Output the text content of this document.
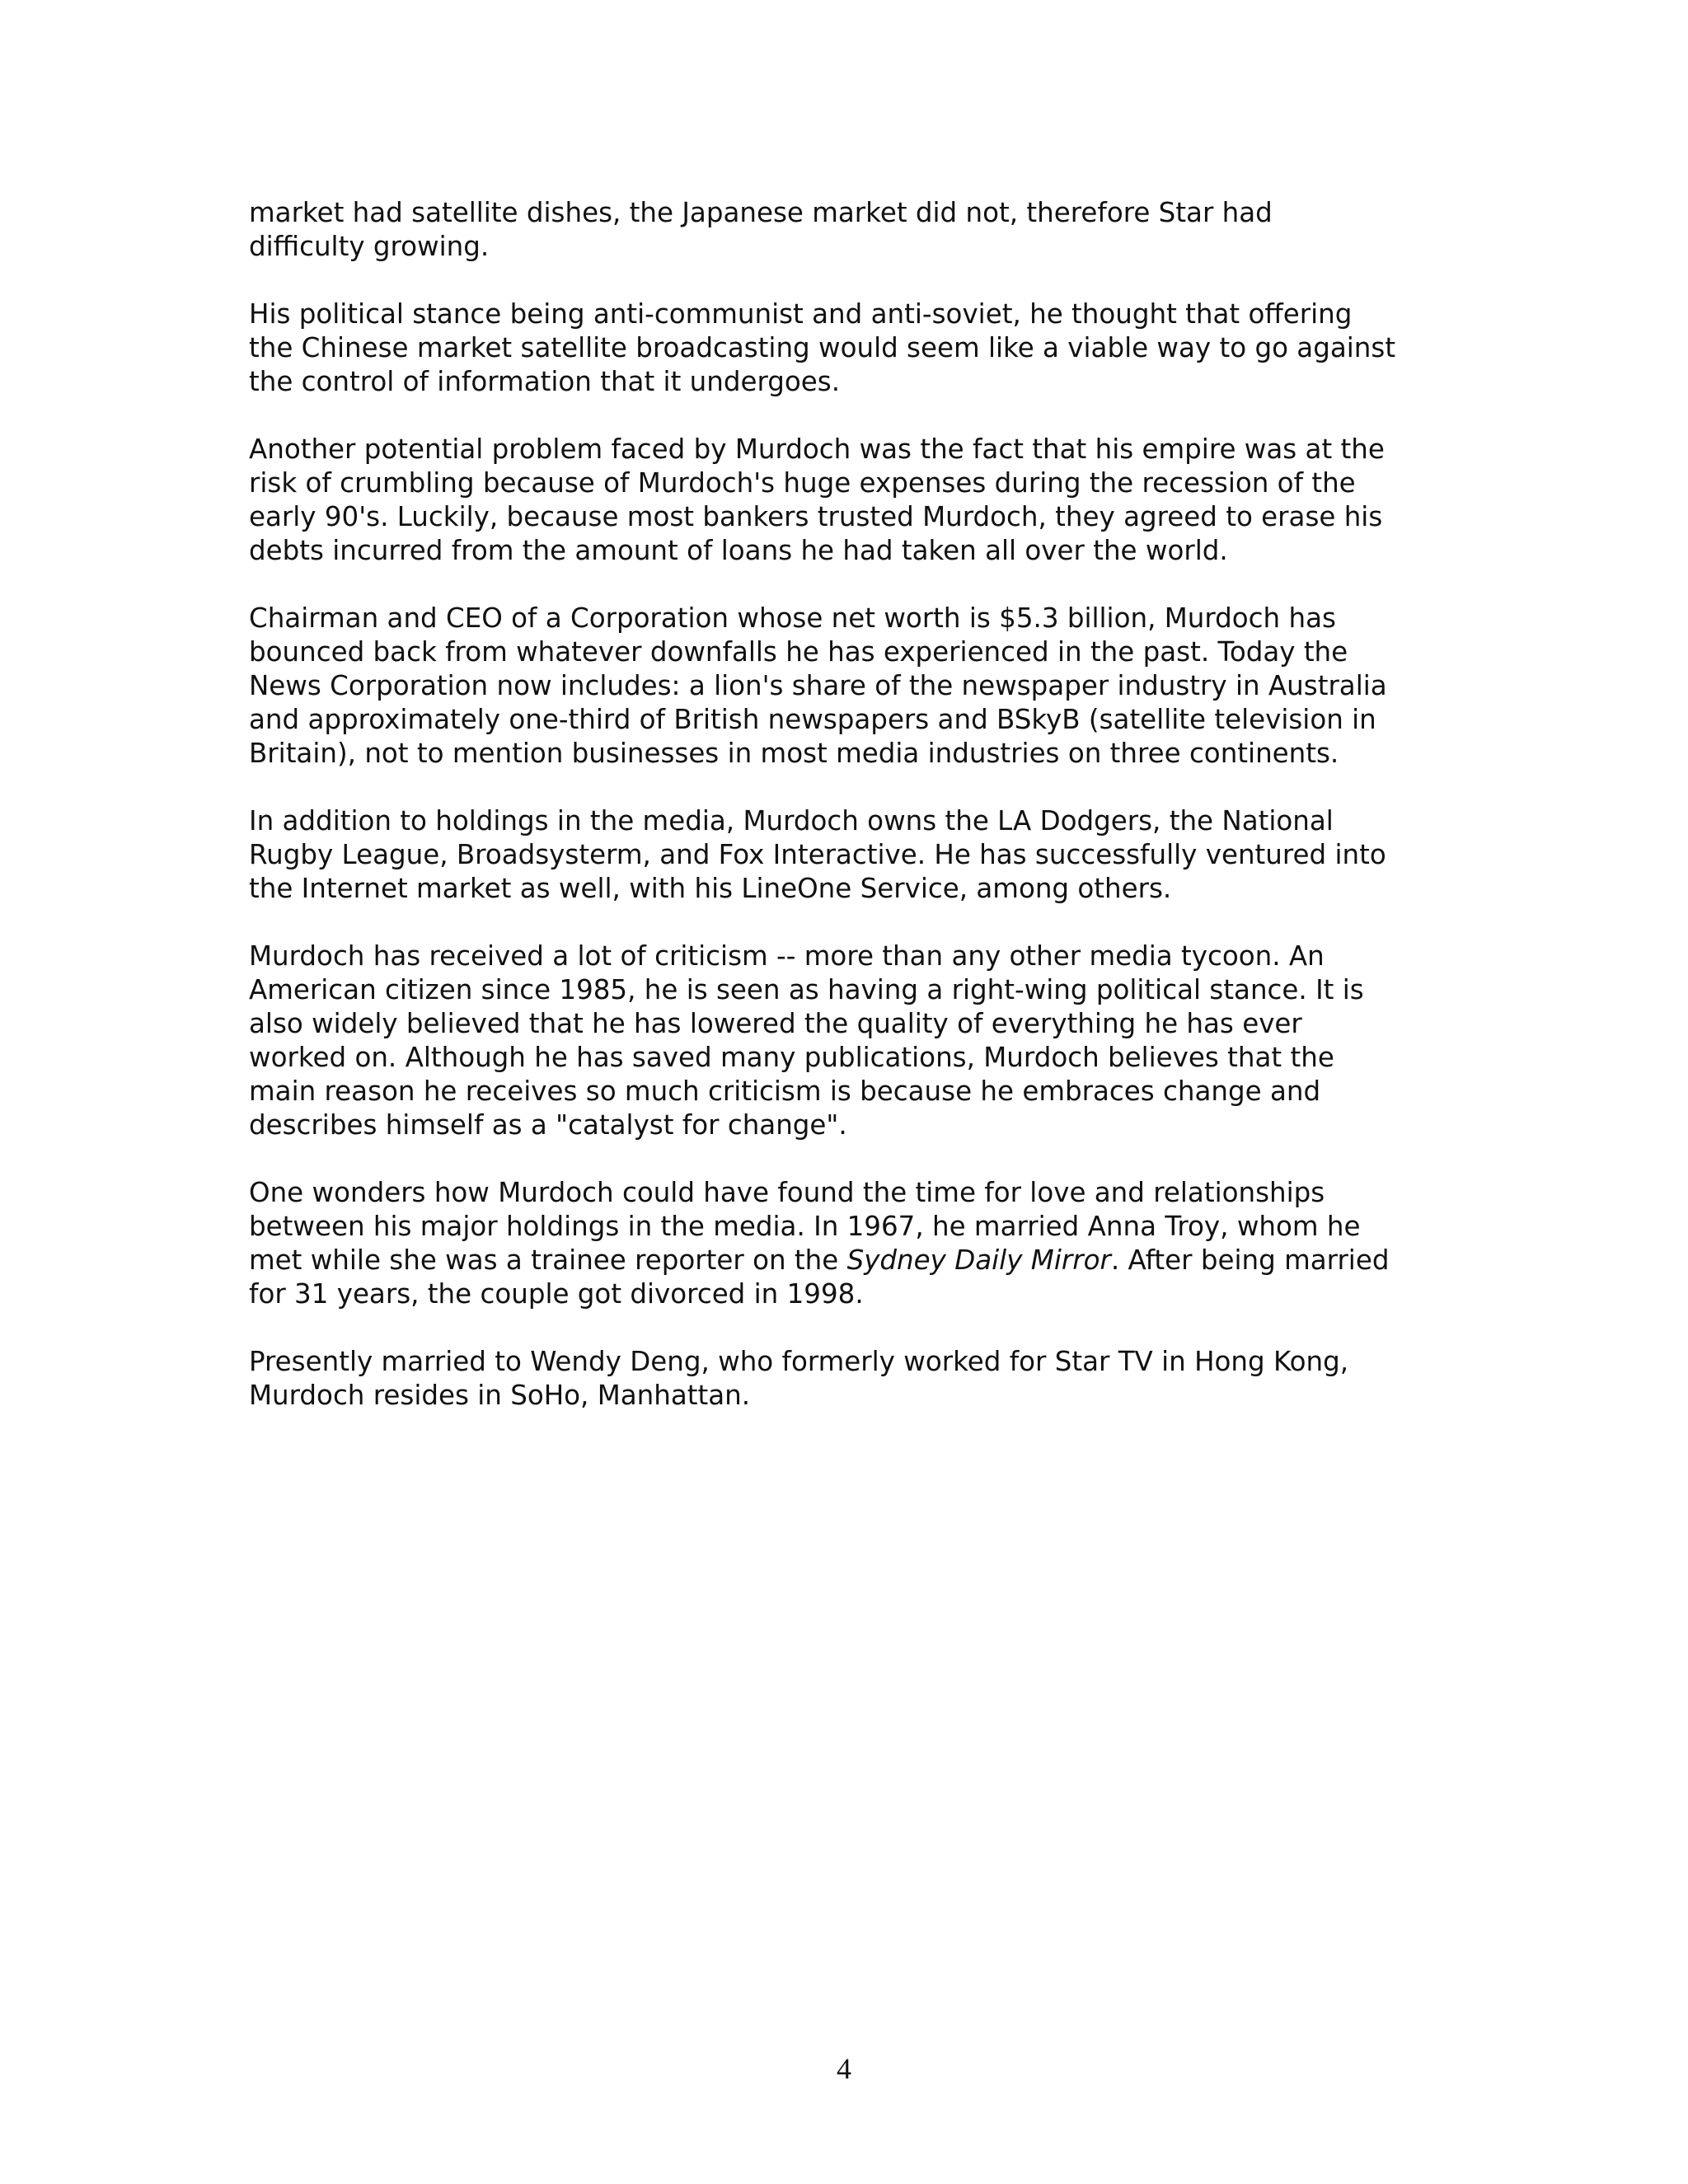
market had satellite dishes, the Japanese market did not, therefore Star had
difficulty growing.

His political stance being anti-communist and anti-soviet, he thought that offering
the Chinese market satellite broadcasting would seem like a viable way to go against
the control of information that it undergoes.

Another potential problem faced by Murdoch was the fact that his empire was at the
risk of crumbling because of Murdoch's huge expenses during the recession of the
early 90's. Luckily, because most bankers trusted Murdoch, they agreed to erase his
debts incurred from the amount of loans he had taken all over the world.

Chairman and CEO of a Corporation whose net worth is $5.3 billion, Murdoch has
bounced back from whatever downfalls he has experienced in the past. Today the
News Corporation now includes: a lion's share of the newspaper industry in Australia
and approximately one-third of British newspapers and BSkyB (satellite television in
Britain), not to mention businesses in most media industries on three continents.

In addition to holdings in the media, Murdoch owns the LA Dodgers, the National
Rugby League, Broadsysterm, and Fox Interactive. He has successfully ventured into
the Internet market as well, with his LineOne Service, among others.

Murdoch has received a lot of criticism -- more than any other media tycoon. An
American citizen since 1985, he is seen as having a right-wing political stance. It is
also widely believed that he has lowered the quality of everything he has ever
worked on. Although he has saved many publications, Murdoch believes that the
main reason he receives so much criticism is because he embraces change and
describes himself as a "catalyst for change".

One wonders how Murdoch could have found the time for love and relationships
between his major holdings in the media. In 1967, he married Anna Troy, whom he
met while she was a trainee reporter on the Sydney Daily Mirror. After being married
for 31 years, the couple got divorced in 1998.

Presently married to Wendy Deng, who formerly worked for Star TV in Hong Kong,
Murdoch resides in SoHo, Manhattan.

4
